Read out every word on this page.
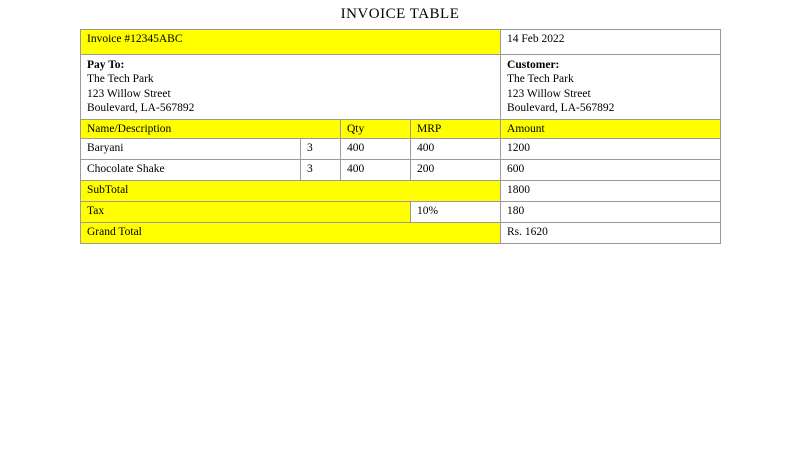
INVOICE TABLE
Invoice #12345ABC				14 Feb 2022

Pay To:
The Tech Park
123 Willow Street
Boulevard, LA-567892

Customer:
The Tech Park
123 Willow Street
Boulevard, LA-567892

Name/Description		Qty	MRP	Amount
Baryani	3	400	400	1200
Chocolate Shake	3	400	200	600
SubTotal				1800
Tax			10%	180
Grand Total				Rs. 1620
